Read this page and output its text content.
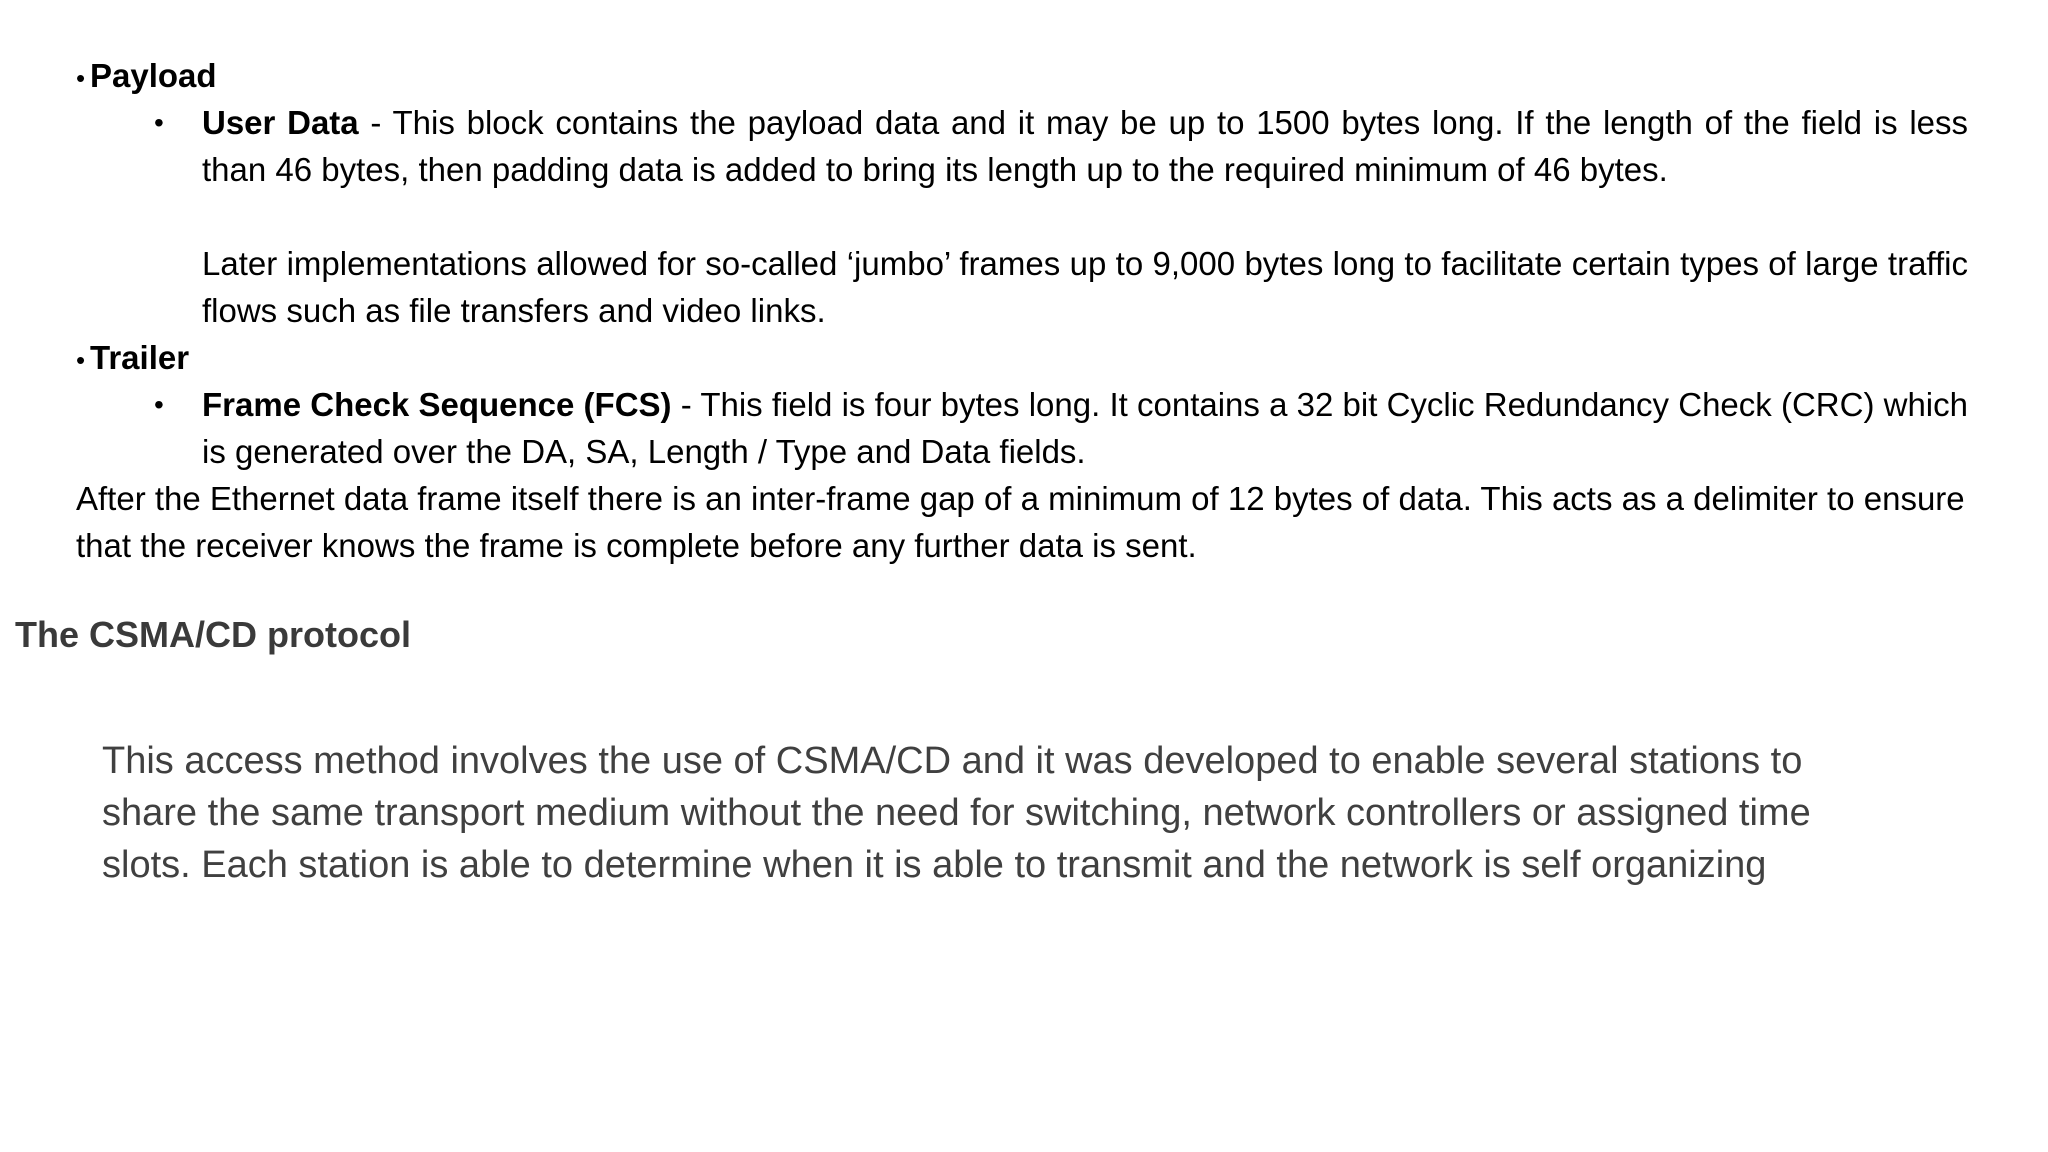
• Payload
• User Data - This block contains the payload data and it may be up to 1500 bytes long. If the length of the field is less than 46 bytes, then padding data is added to bring its length up to the required minimum of 46 bytes.

Later implementations allowed for so-called ‘jumbo’ frames up to 9,000 bytes long to facilitate certain types of large traffic flows such as file transfers and video links.

• Trailer
• Frame Check Sequence (FCS) - This field is four bytes long. It contains a 32 bit Cyclic Redundancy Check (CRC) which is generated over the DA, SA, Length / Type and Data fields.

After the Ethernet data frame itself there is an inter-frame gap of a minimum of 12 bytes of data. This acts as a delimiter to ensure that the receiver knows the frame is complete before any further data is sent.

The CSMA/CD protocol

This access method involves the use of CSMA/CD and it was developed to enable several stations to share the same transport medium without the need for switching, network controllers or assigned time slots. Each station is able to determine when it is able to transmit and the network is self organizing
